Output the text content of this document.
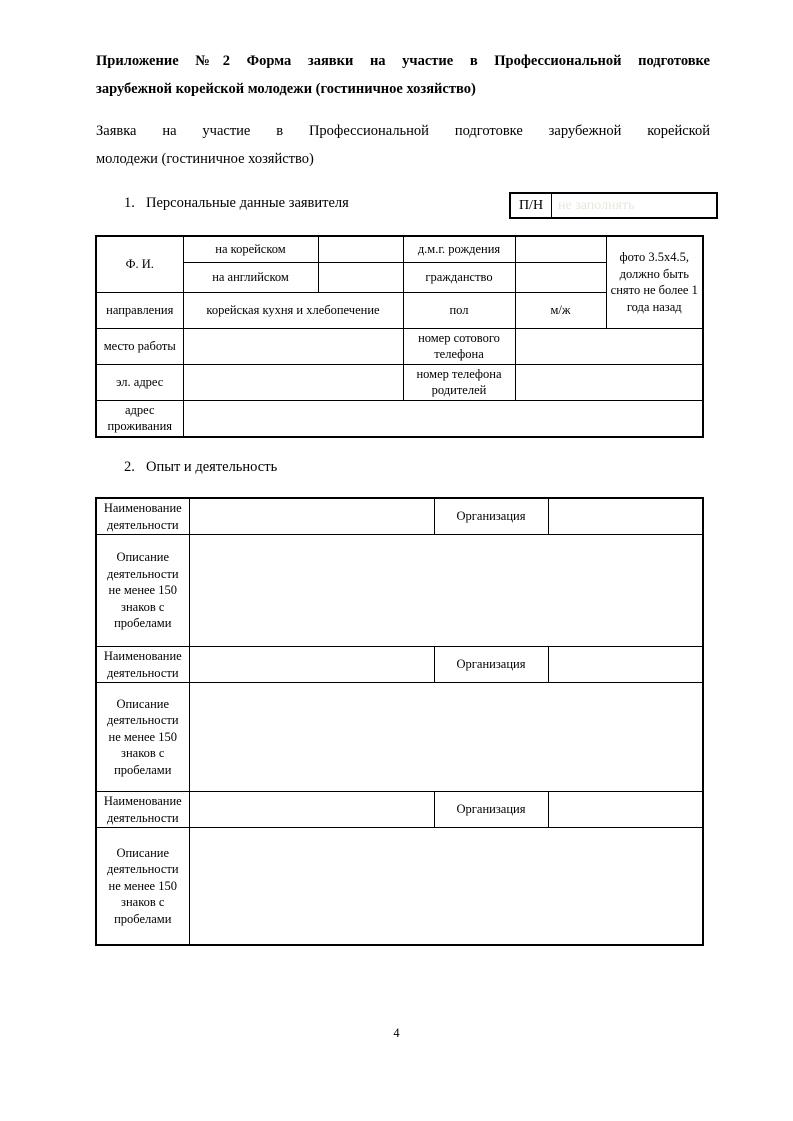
Приложение №2 Форма заявки на участие в Профессиональной подготовке
зарубежной корейской молодежи (гостиничное хозяйство)
Заявка на участие в Профессиональной подготовке зарубежной корейской
молодежи (гостиничное хозяйство)
1. Персональные данные заявителя	П/Н	не заполнять
Ф. И.	на корейском		д.м.г. рождения		фото 3.5x4.5, должно быть снято не более 1 года назад
	на английском		гражданство		
направления	корейская кухня и хлебопечение		пол	м/ж	
место работы			номер сотового телефона		
эл. адрес			номер телефона родителей		
адрес проживания					
2. Опыт и деятельность
Наименование деятельности		Организация	
Описание деятельности не менее 150 знаков с пробелами			
Наименование деятельности		Организация	
Описание деятельности не менее 150 знаков с пробелами			
Наименование деятельности		Организация	
Описание деятельности не менее 150 знаков с пробелами			
4
